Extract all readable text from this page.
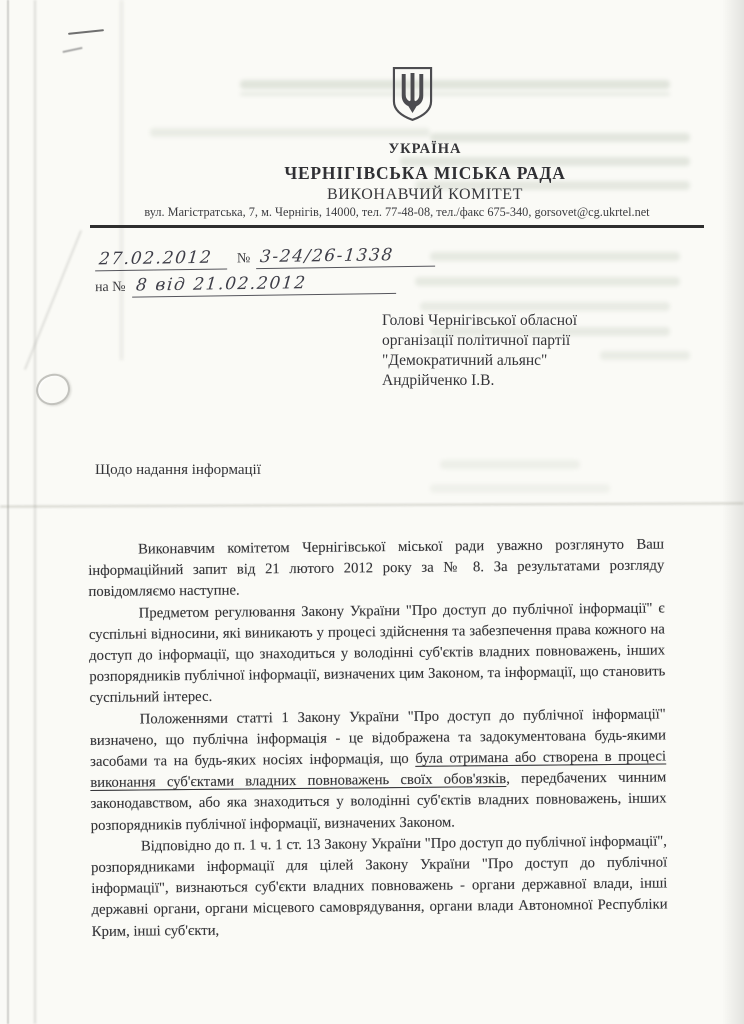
УКРАЇНА
ЧЕРНІГІВСЬКА МІСЬКА РАДА
ВИКОНАВЧИЙ КОМІТЕТ
вул. Магістратська, 7, м. Чернігів, 14000, тел. 77-48-08, тел./факс 675-340, gorsovet@cg.ukrtel.net
27.02.2012	№ 3-24/26-1338
на № 8 від 21.02.2012
Голові Чернігівської обласної
організації політичної партії
"Демократичний альянс"
Андрійченко І.В.
Щодо надання інформації

Виконавчим комітетом Чернігівської міської ради уважно розглянуто Ваш інформаційний запит від 21 лютого 2012 року за № 8. За результатами розгляду повідомляємо наступне.

Предметом регулювання Закону України "Про доступ до публічної інформації" є суспільні відносини, які виникають у процесі здійснення та забезпечення права кожного на доступ до інформації, що знаходиться у володінні суб'єктів владних повноважень, інших розпорядників публічної інформації, визначених цим Законом, та інформації, що становить суспільний інтерес.

Положеннями статті 1 Закону України "Про доступ до публічної інформації" визначено, що публічна інформація - це відображена та задокументована будь-якими засобами та на будь-яких носіях інформація, що була отримана або створена в процесі виконання суб'єктами владних повноважень своїх обов'язків, передбачених чинним законодавством, або яка знаходиться у володінні суб'єктів владних повноважень, інших розпорядників публічної інформації, визначених Законом.

Відповідно до п. 1 ч. 1 ст. 13 Закону України "Про доступ до публічної інформації", розпорядниками інформації для цілей Закону України "Про доступ до публічної інформації", визнаються суб'єкти владних повноважень - органи державної влади, інші державні органи, органи місцевого самоврядування, органи влади Автономної Республіки Крим, інші суб'єкти,
